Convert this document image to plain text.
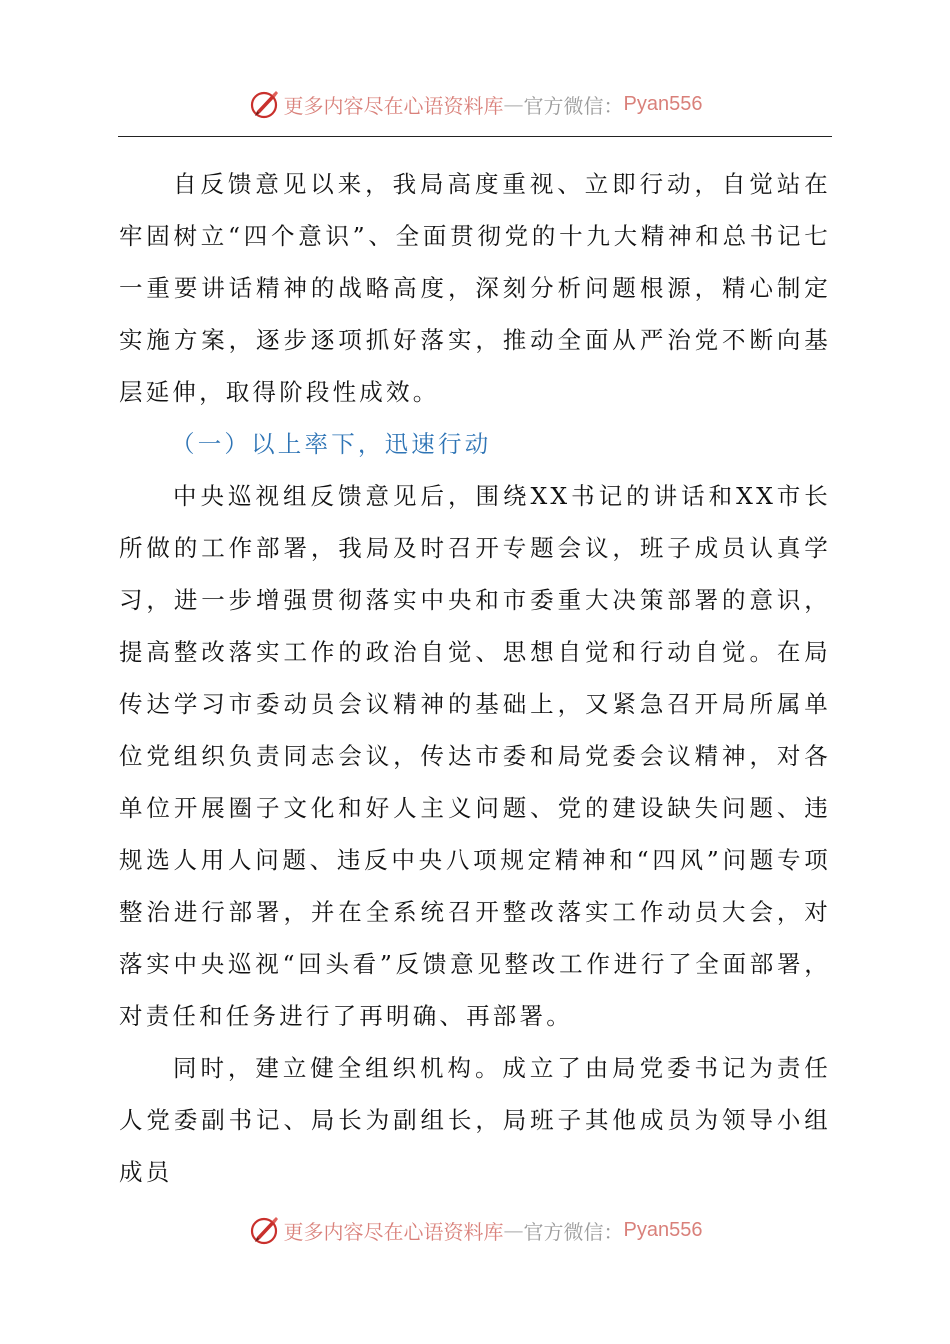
更多内容尽在心语资料库 — 官方微信： Pyan556

自反馈意见以来，我局高度重视、立即行动，自觉站在牢固树立“四个意识”、全面贯彻党的十九大精神和总书记七一重要讲话精神的战略高度，深刻分析问题根源，精心制定实施方案，逐步逐项抓好落实，推动全面从严治党不断向基层延伸，取得阶段性成效。

（一）以上率下，迅速行动

中央巡视组反馈意见后，围绕XX书记的讲话和XX市长所做的工作部署，我局及时召开专题会议，班子成员认真学习，进一步增强贯彻落实中央和市委重大决策部署的意识，提高整改落实工作的政治自觉、思想自觉和行动自觉。在局传达学习市委动员会议精神的基础上，又紧急召开局所属单位党组织负责同志会议，传达市委和局党委会议精神，对各单位开展圈子文化和好人主义问题、党的建设缺失问题、违规选人用人问题、违反中央八项规定精神和“四风”问题专项整治进行部署，并在全系统召开整改落实工作动员大会，对落实中央巡视“回头看”反馈意见整改工作进行了全面部署，对责任和任务进行了再明确、再部署。

同时，建立健全组织机构。成立了由局党委书记为责任人党委副书记、局长为副组长，局班子其他成员为领导小组成员

更多内容尽在心语资料库 — 官方微信： Pyan556
